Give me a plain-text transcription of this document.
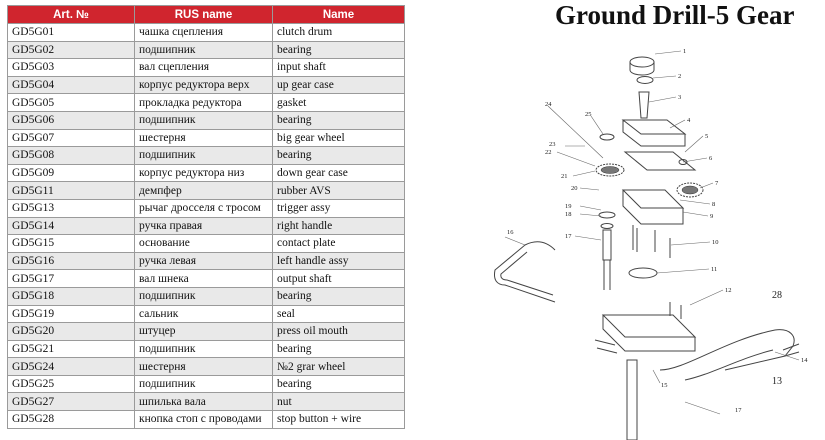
Art. №	RUS name	Name
GD5G01	чашка сцепления	clutch drum
GD5G02	подшипник	bearing
GD5G03	вал сцепления	input shaft
GD5G04	корпус редуктора верх	up gear case
GD5G05	прокладка редуктора	gasket
GD5G06	подшипник	bearing
GD5G07	шестерня	big gear wheel
GD5G08	подшипник	bearing
GD5G09	корпус редуктора низ	down gear case
GD5G11	демпфер	rubber AVS
GD5G13	рычаг дросселя с тросом	trigger assy
GD5G14	ручка правая	right handle
GD5G15	основание	contact plate
GD5G16	ручка левая	left handle assy
GD5G17	вал шнека	output shaft
GD5G18	подшипник	bearing
GD5G19	сальник	seal
GD5G20	штуцер	press oil mouth
GD5G21	подшипник	bearing
GD5G24	шестерня	№2 grar wheel
GD5G25	подшипник	bearing
GD5G27	шпилька вала	nut
GD5G28	кнопка стоп с проводами	stop button + wire
Ground Drill-5 Gear
1
2
3
4
5
6
7
8
9
10
11
12
13
14
15
16
17
17
18
19
20
21
22
23
24
25
28
